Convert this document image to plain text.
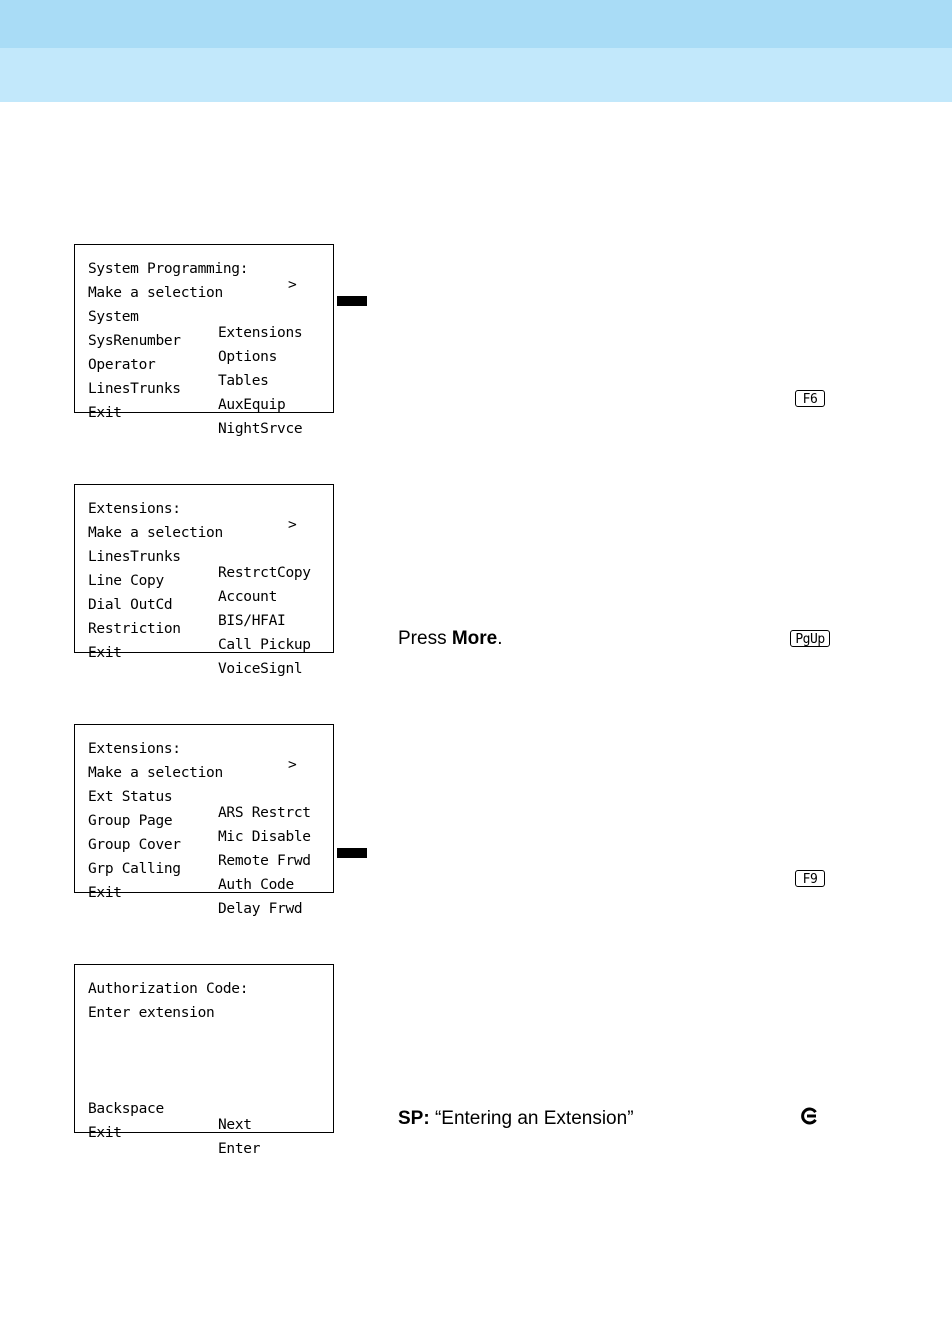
System Programming:

>

Make a selection

System

Extensions

SysRenumber

Options

Operator

Tables

LinesTrunks

AuxEquip

Exit

NightSrvce

F6

Extensions:

>

Make a selection

LinesTrunks

RestrctCopy

Line Copy

Account

Dial OutCd

BIS/HFAI

Restriction

Call Pickup

Exit

VoiceSignl

Press More.	PgUp

Extensions:

>

Make a selection

Ext Status

ARS Restrct

Group Page

Mic Disable

Group Cover

Remote Frwd

Grp Calling

Auth Code

Exit

Delay Frwd

F9

Authorization Code:

Enter extension

Backspace

Next

Exit

Enter

SP: “Entering an Extension”
